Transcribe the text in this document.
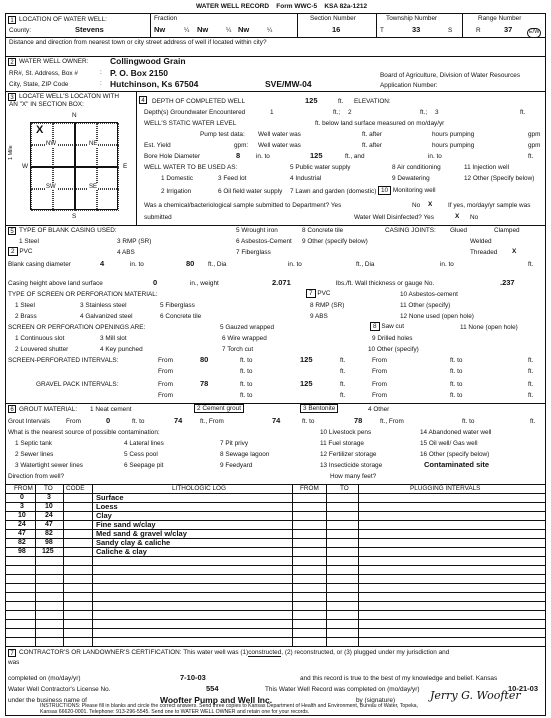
WATER WELL RECORD Form WWC-5 KSA 82a-1212
1 LOCATION OF WATER WELL:
County:	Stevens
Fraction
Nw	¼ Nw	¼ Nw	¼
Section Number
16
Township Number
T	33	S
Range Number
R	37	E/W
Distance and direction from nearest town or city street address of well if located within city?
2 WATER WELL OWNER:	Collingwood Grain
RR#, St. Address, Box #	: P. O. Box 2150
City, State, ZIP Code	: Hutchinson, Ks 67504	SVE/MW-04
Board of Agriculture, Division of Water Resources
Application Number:
3 LOCATE WELL'S LOCATON WITH
AN "X" IN SECTION BOX:
N
S
W	E
1 Mile
NW	NE
SW	SE
X
4	DEPTH OF COMPLETED WELL	125	ft. ELEVATION:
Depth(s) Groundwater Encountered	1	ft.; 2	ft.; 3	ft.
WELL'S STATIC WATER LEVEL	ft. below land surface measured on mo/day/yr
Pump test data: Well water was	ft. after	hours pumping	gpm
Est. Yield	gpm: Well water was	ft. after	hours pumping	gpm
Bore Hole Diameter	8 in. to	125	ft., and	in. to	ft.
WELL WATER TO BE USED AS:	5 Public water supply	8 Air conditioning	11 Injection well
1 Domestic	3 Feed lot	4 Industrial	9 Dewatering	12 Other (Specify below)
2 Irrigation	6 Oil field water supply 7 Lawn and garden (domestic) 10 Monitoring well
Was a chemical/bacteriological sample submitted to Department? Yes	No X If yes, mo/day/yr sample was
submitted	Water Well Disinfected? Yes	X No
5 TYPE OF BLANK CASING USED:	5 Wrought iron	8 Concrete tile	CASING JOINTS: Glued	Clamped
1 Steel	3 RMP (SR)	6 Asbestos-Cement 9 Other (specify below)	Welded
2 PVC	4 ABS	7 Fiberglass	Threaded X
Blank casing diameter	4	in. to	80 ft., Dia	in. to	ft., Dia	in. to	ft.
Casing height above land surface	0	in., weight	2.071	lbs./ft. Wall thickness or gauge No.	.237
TYPE OF SCREEN OR PERFORATION MATERIAL:	7 PVC	10 Asbestos-cement
1 Steel	3 Stainless steel	5 Fiberglass	8 RMP (SR)	11 Other (specify)
2 Brass	4 Galvanized steel	6 Concrete tile	9 ABS	12 None used (open hole)
SCREEN OR PERFORATION OPENINGS ARE:	5 Gauzed wrapped	8 Saw cut	11 None (open hole)
1 Continuous slot	3 Mill slot	6 Wire wrapped	9 Drilled holes
2 Louvered shutter	4 Key punched	7 Torch cut	10 Other (specify)
SCREEN-PERFORATED INTERVALS:	From	80	ft. to	125	ft.	From	ft. to	ft.
From	ft. to	ft.	From	ft. to	ft.
GRAVEL PACK INTERVALS:	From	78	ft. to	125	ft.	From	ft. to	ft.
From	ft. to	ft.	From	ft. to	ft.
6 GROUT MATERIAL: 1 Neat cement	2 Cement grout	3 Bentonite	4 Other
Grout Intervals	From	0	ft. to	74	ft., From	74	ft. to	78	ft., From	ft. to	ft.
What is the nearest source of possible contamination:	10 Livestock pens	14 Abandoned water well
1 Septic tank	4 Lateral lines	7 Pit privy	11 Fuel storage	15 Oil well/ Gas well
2 Sewer lines	5 Cess pool	8 Sewage lagoon	12 Fertilizer storage	16 Other (specify below)
3 Watertight sewer lines	6 Seepage pit	9 Feedyard	13 Insecticide storage	Contaminated site
Direction from well?	How many feet?
FROM TO CODE	LITHOLOGIC LOG	FROM	TO	PLUGGING INTERVALS
0	3	Surface
3	10	Loess
10	24	Clay
24	47	Fine sand w/clay
47	82	Med sand & gravel w/clay
82	98	Sandy clay & caliche
98 125	Caliche & clay
7 CONTRACTOR'S OR LANDOWNER'S CERTIFICATION: This water well was (1)constructed, (2) reconstructed, or (3) plugged under my jurisdiction and
was
completed on (mo/day/yr)	7-10-03	and this record is true to the best of my knowledge and belief. Kansas
Water Well Contractor's License No.	554	This Water Well Record was completed on (mo/day/yr)	10-21-03
under the business name of	Woofter Pump and Well Inc.	by (signature)	Jerry G. Woofter
INSTRUCTIONS: Please fill in blanks and circle the correct answers. Send three copies to Kansas Department of Health and Environment, Bureau of Water, Topeka,
Kansas 66620-0001. Telephone: 913-296-5545. Send one to WATER WELL OWNER and retain one for your records.
